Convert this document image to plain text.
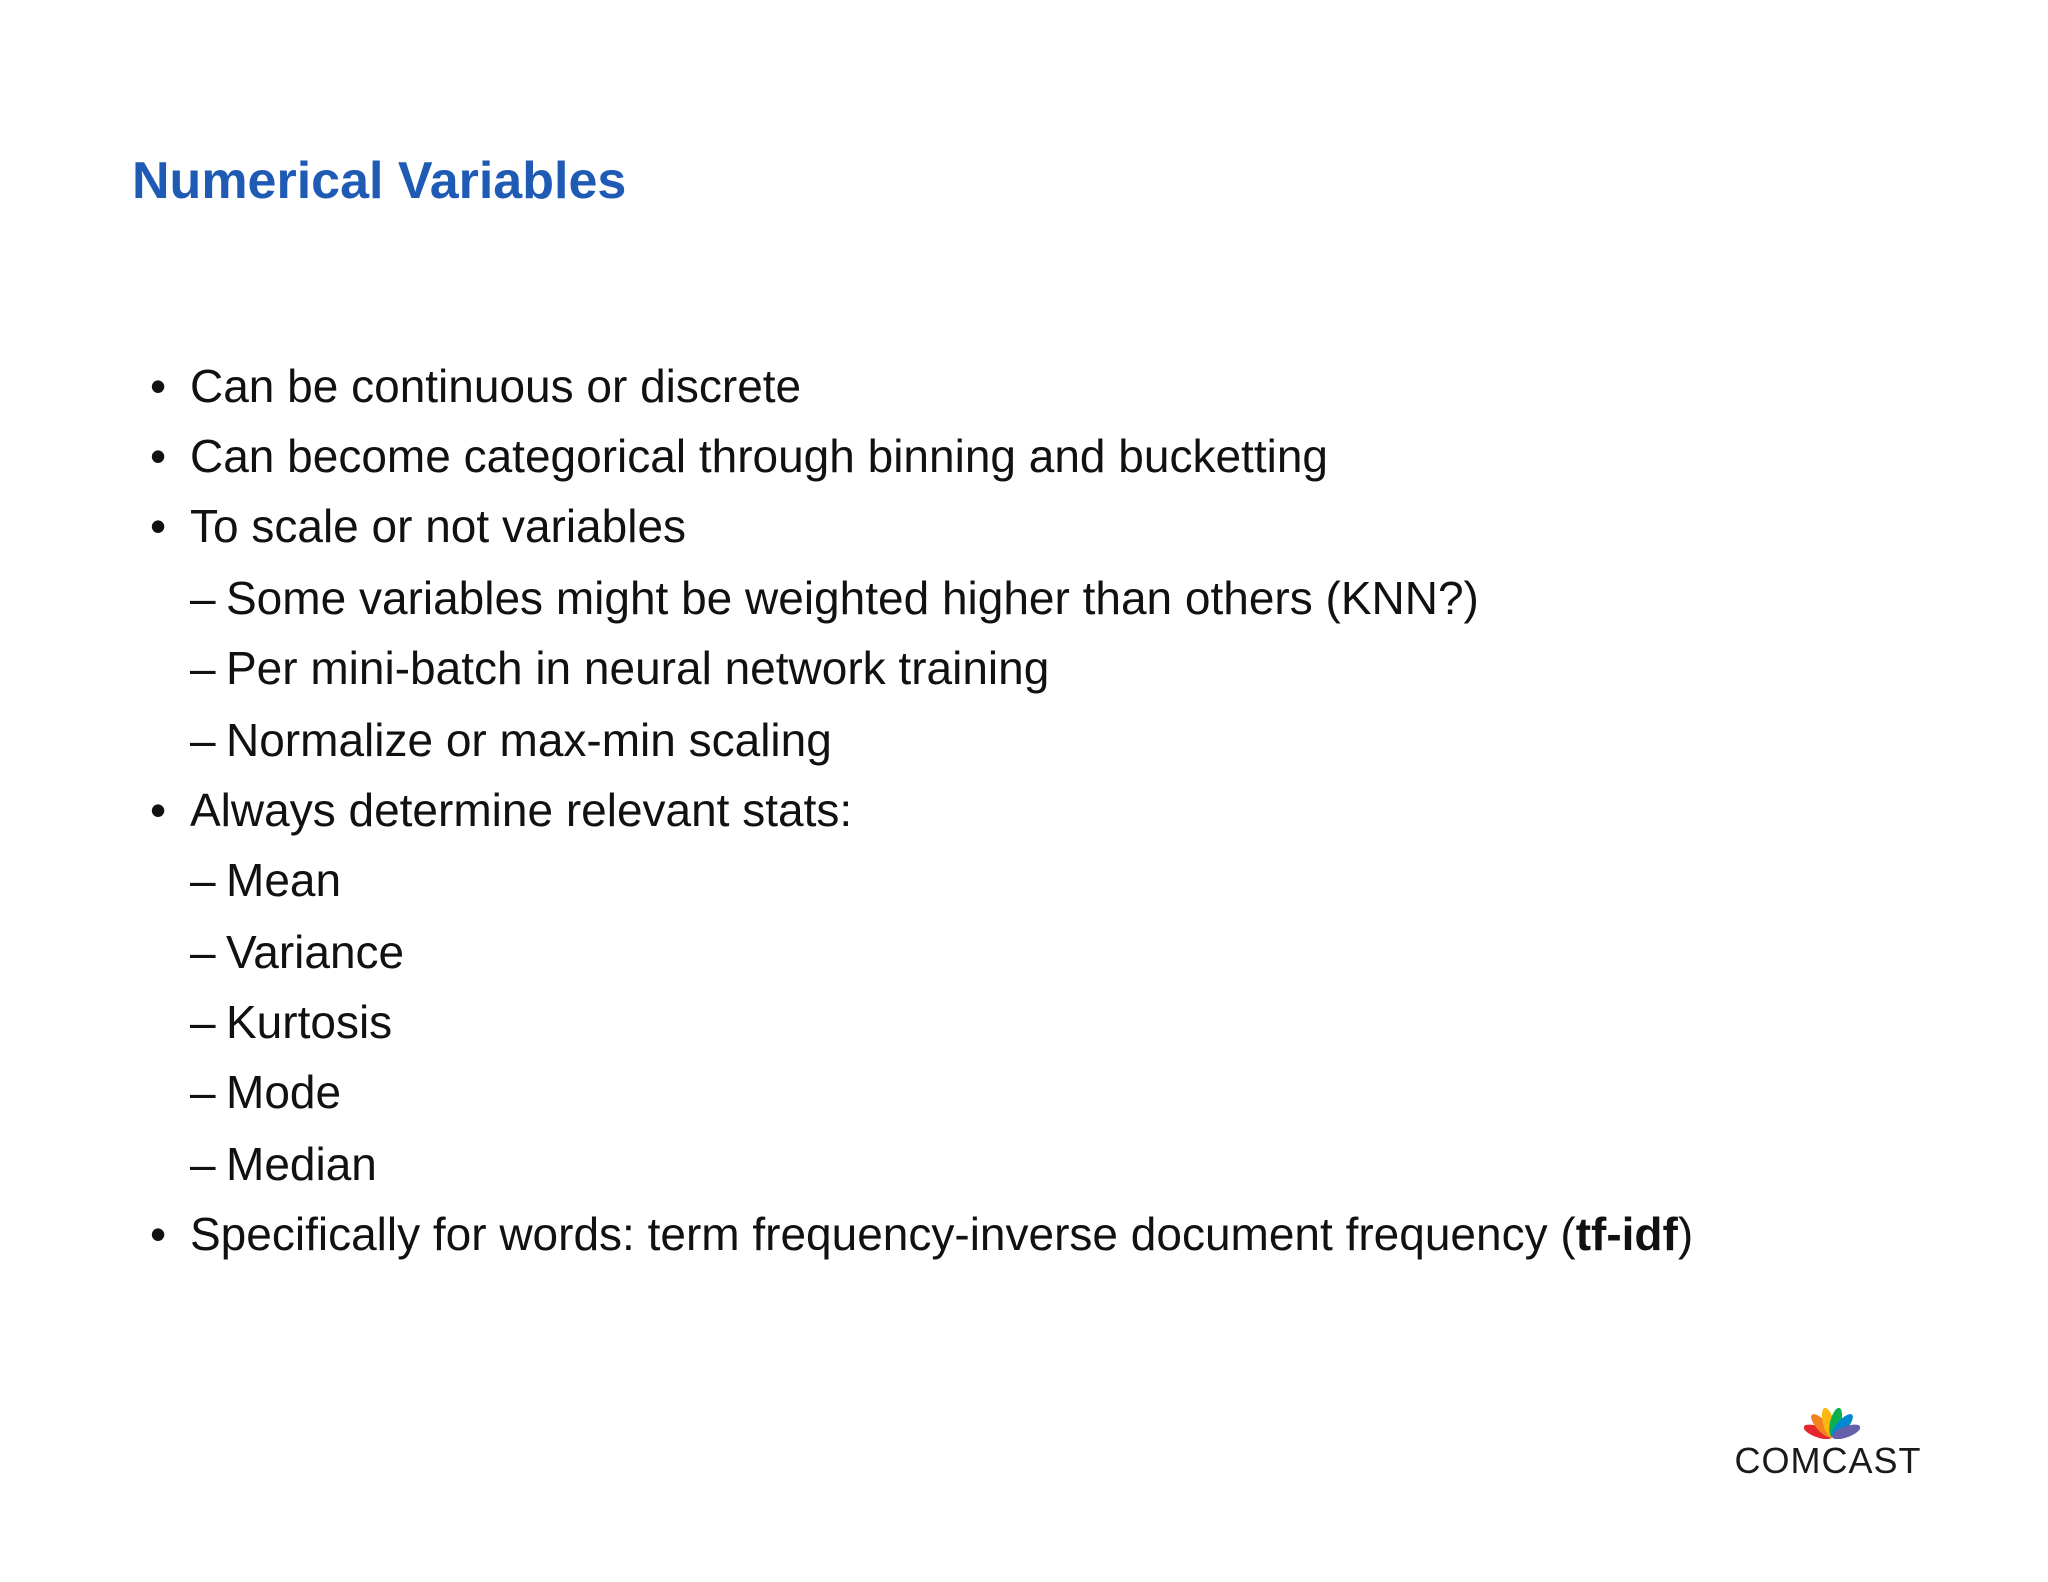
Numerical Variables
• Can be continuous or discrete
• Can become categorical through binning and bucketting
• To scale or not variables
– Some variables might be weighted higher than others (KNN?)
– Per mini-batch in neural network training
– Normalize or max-min scaling
• Always determine relevant stats:
– Mean
– Variance
– Kurtosis
– Mode
– Median
• Specifically for words: term frequency-inverse document frequency (tf-idf)
COMCAST
